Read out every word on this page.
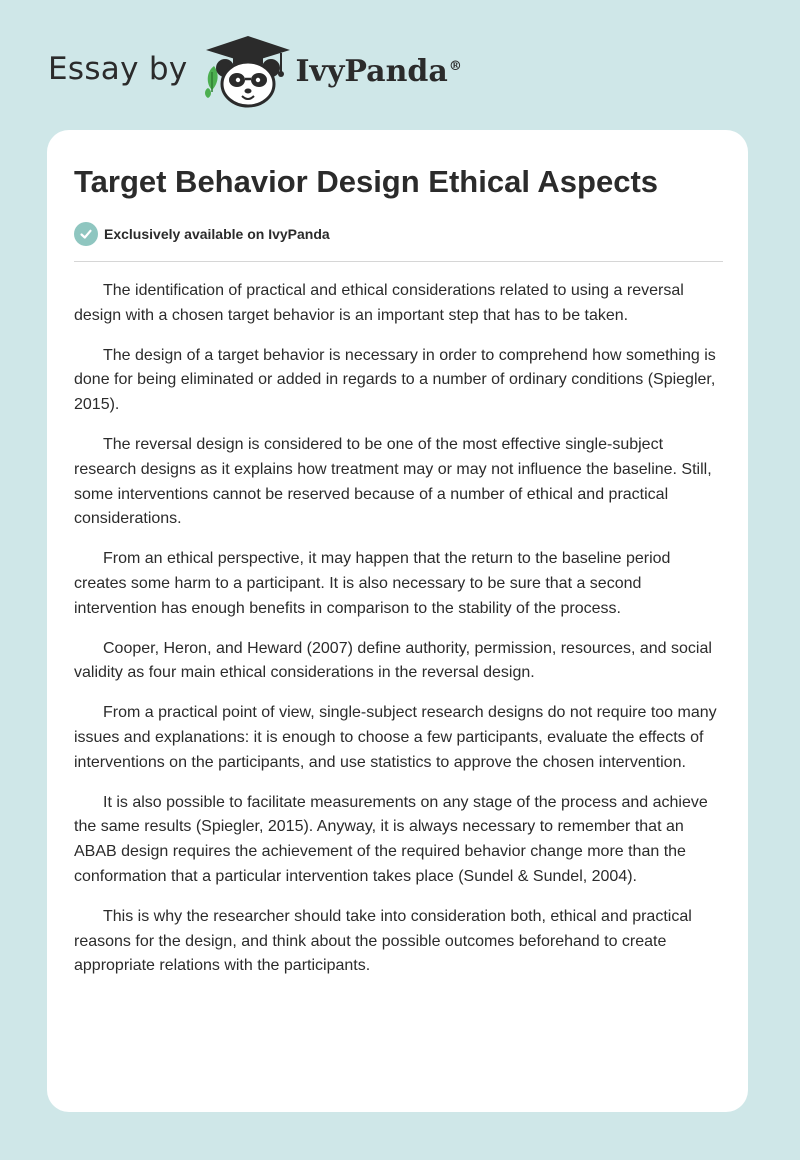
Essay by	IvyPanda®
Target Behavior Design Ethical Aspects
Exclusively available on IvyPanda

The identification of practical and ethical considerations related to using a reversal design with a chosen target behavior is an important step that has to be taken.

The design of a target behavior is necessary in order to comprehend how something is done for being eliminated or added in regards to a number of ordinary conditions (Spiegler, 2015).

The reversal design is considered to be one of the most effective single-subject research designs as it explains how treatment may or may not influence the baseline. Still, some interventions cannot be reserved because of a number of ethical and practical considerations.

From an ethical perspective, it may happen that the return to the baseline period creates some harm to a participant. It is also necessary to be sure that a second intervention has enough benefits in comparison to the stability of the process.

Cooper, Heron, and Heward (2007) define authority, permission, resources, and social validity as four main ethical considerations in the reversal design.

From a practical point of view, single-subject research designs do not require too many issues and explanations: it is enough to choose a few participants, evaluate the effects of interventions on the participants, and use statistics to approve the chosen intervention.

It is also possible to facilitate measurements on any stage of the process and achieve the same results (Spiegler, 2015). Anyway, it is always necessary to remember that an ABAB design requires the achievement of the required behavior change more than the conformation that a particular intervention takes place (Sundel & Sundel, 2004).

This is why the researcher should take into consideration both, ethical and practical reasons for the design, and think about the possible outcomes beforehand to create appropriate relations with the participants.
